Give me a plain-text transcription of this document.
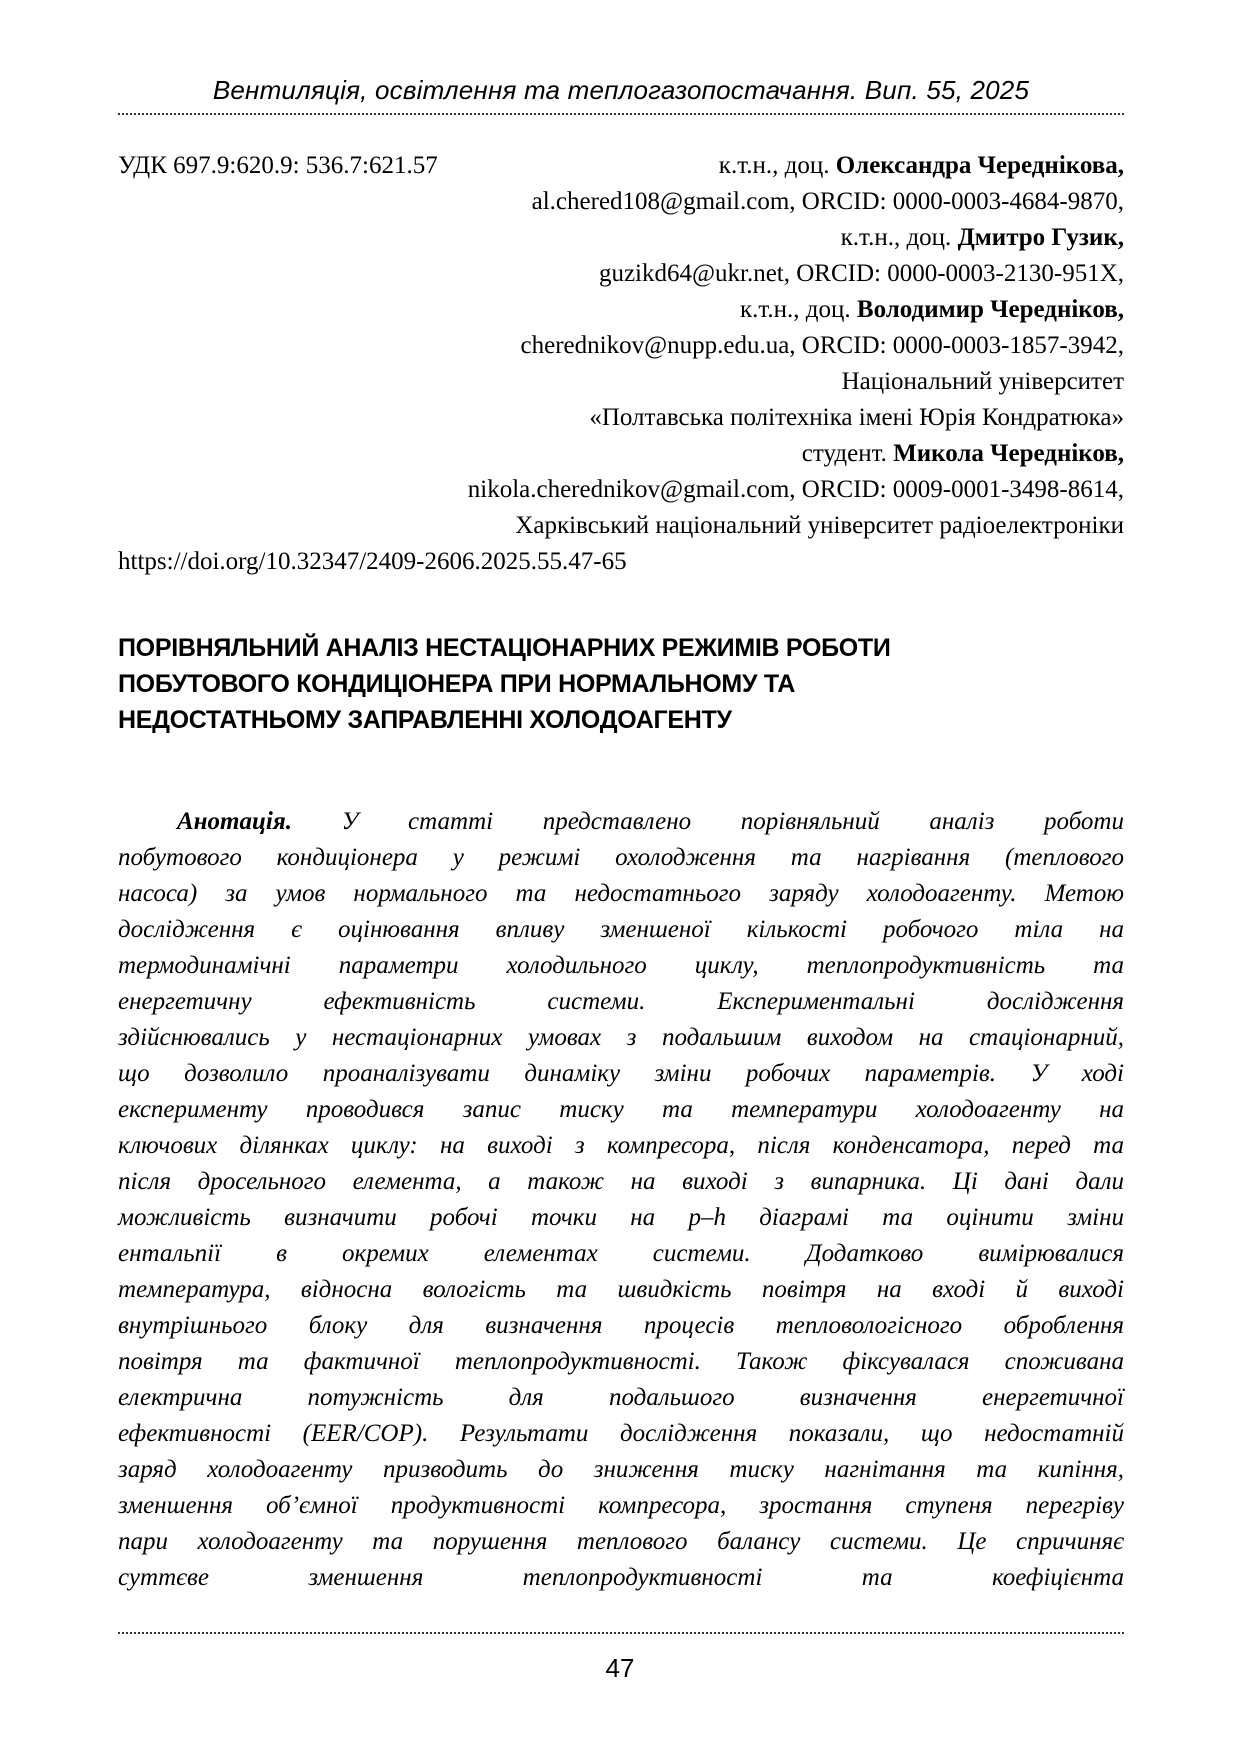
Вентиляція, освітлення та теплогазопостачання. Вип. 55, 2025
УДК 697.9:620.9: 536.7:621.57	к.т.н., доц. Олександра Череднікова,
al.chered108@gmail.com, ORCID: 0000-0003-4684-9870,
к.т.н., доц. Дмитро Гузик,
guzikd64@ukr.net, ORCID: 0000-0003-2130-951X,
к.т.н., доц. Володимир Чередніков,
cherednikov@nupp.edu.ua, ORCID: 0000-0003-1857-3942,
Національний університет
«Полтавська політехніка імені Юрія Кондратюка»
студент. Микола Чередніков,
nikola.cherednikov@gmail.com, ORCID: 0009-0001-3498-8614,
Харківський національний університет радіоелектроніки
https://doi.org/10.32347/2409-2606.2025.55.47-65
ПОРІВНЯЛЬНИЙ АНАЛІЗ НЕСТАЦІОНАРНИХ РЕЖИМІВ РОБОТИ
ПОБУТОВОГО КОНДИЦІОНЕРА ПРИ НОРМАЛЬНОМУ ТА
НЕДОСТАТНЬОМУ ЗАПРАВЛЕННІ ХОЛОДОАГЕНТУ
Анотація. У статті представлено порівняльний аналіз роботи
побутового кондиціонера у режимі охолодження та нагрівання (теплового
насоса) за умов нормального та недостатнього заряду холодоагенту. Метою
дослідження є оцінювання впливу зменшеної кількості робочого тіла на
термодинамічні параметри холодильного циклу, теплопродуктивність та
енергетичну ефективність системи. Експериментальні дослідження
здійснювались у нестаціонарних умовах з подальшим виходом на стаціонарний,
що дозволило проаналізувати динаміку зміни робочих параметрів. У ході
експерименту проводився запис тиску та температури холодоагенту на
ключових ділянках циклу: на виході з компресора, після конденсатора, перед та
після дросельного елемента, а також на виході з випарника. Ці дані дали
можливість визначити робочі точки на p–h діаграмі та оцінити зміни
ентальпії в окремих елементах системи. Додатково вимірювалися
температура, відносна вологість та швидкість повітря на вході й виході
внутрішнього блоку для визначення процесів тепловологісного оброблення
повітря та фактичної теплопродуктивності. Також фіксувалася споживана
електрична потужність для подальшого визначення енергетичної
ефективності (EER/COP). Результати дослідження показали, що недостатній
заряд холодоагенту призводить до зниження тиску нагнітання та кипіння,
зменшення об’ємної продуктивності компресора, зростання ступеня перегріву
пари холодоагенту та порушення теплового балансу системи. Це спричиняє
суттєве зменшення теплопродуктивності та коефіцієнта
47
